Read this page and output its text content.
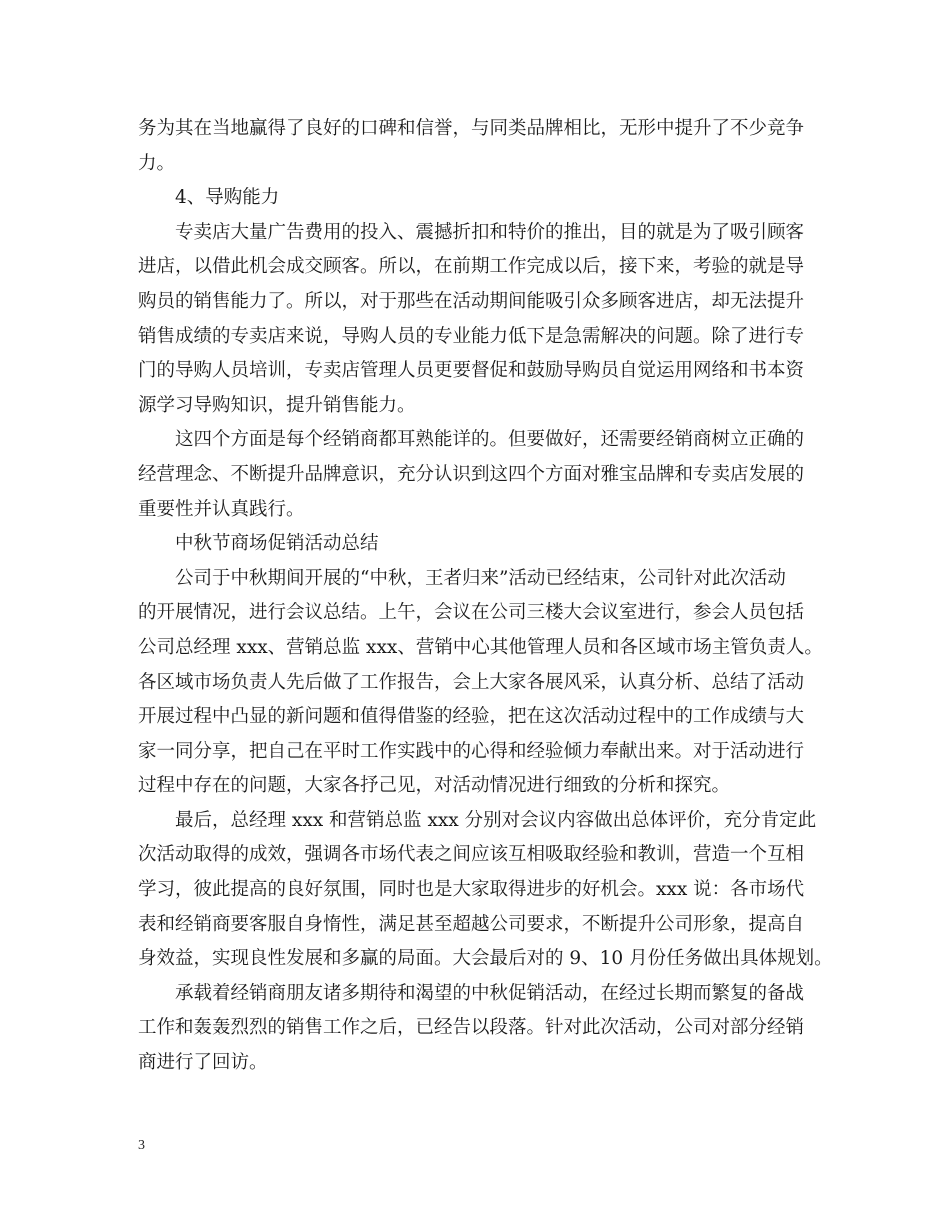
务为其在当地赢得了良好的口碑和信誉，与同类品牌相比，无形中提升了不少竞争
力。
4、导购能力
专卖店大量广告费用的投入、震撼折扣和特价的推出，目的就是为了吸引顾客
进店，以借此机会成交顾客。所以，在前期工作完成以后，接下来，考验的就是导
购员的销售能力了。所以，对于那些在活动期间能吸引众多顾客进店，却无法提升
销售成绩的专卖店来说，导购人员的专业能力低下是急需解决的问题。除了进行专
门的导购人员培训，专卖店管理人员更要督促和鼓励导购员自觉运用网络和书本资
源学习导购知识，提升销售能力。
这四个方面是每个经销商都耳熟能详的。但要做好，还需要经销商树立正确的
经营理念、不断提升品牌意识，充分认识到这四个方面对雅宝品牌和专卖店发展的
重要性并认真践行。
中秋节商场促销活动总结
公司于中秋期间开展的“中秋，王者归来”活动已经结束，公司针对此次活动
的开展情况，进行会议总结。上午，会议在公司三楼大会议室进行，参会人员包括
公司总经理 xxx、营销总监 xxx、营销中心其他管理人员和各区域市场主管负责人。
各区域市场负责人先后做了工作报告，会上大家各展风采，认真分析、总结了活动
开展过程中凸显的新问题和值得借鉴的经验，把在这次活动过程中的工作成绩与大
家一同分享，把自己在平时工作实践中的心得和经验倾力奉献出来。对于活动进行
过程中存在的问题，大家各抒己见，对活动情况进行细致的分析和探究。
最后，总经理 xxx 和营销总监 xxx 分别对会议内容做出总体评价，充分肯定此
次活动取得的成效，强调各市场代表之间应该互相吸取经验和教训，营造一个互相
学习，彼此提高的良好氛围，同时也是大家取得进步的好机会。xxx 说：各市场代
表和经销商要客服自身惰性，满足甚至超越公司要求，不断提升公司形象，提高自
身效益，实现良性发展和多赢的局面。大会最后对的 9、10 月份任务做出具体规划。
承载着经销商朋友诸多期待和渴望的中秋促销活动，在经过长期而繁复的备战
工作和轰轰烈烈的销售工作之后，已经告以段落。针对此次活动，公司对部分经销
商进行了回访。
3
